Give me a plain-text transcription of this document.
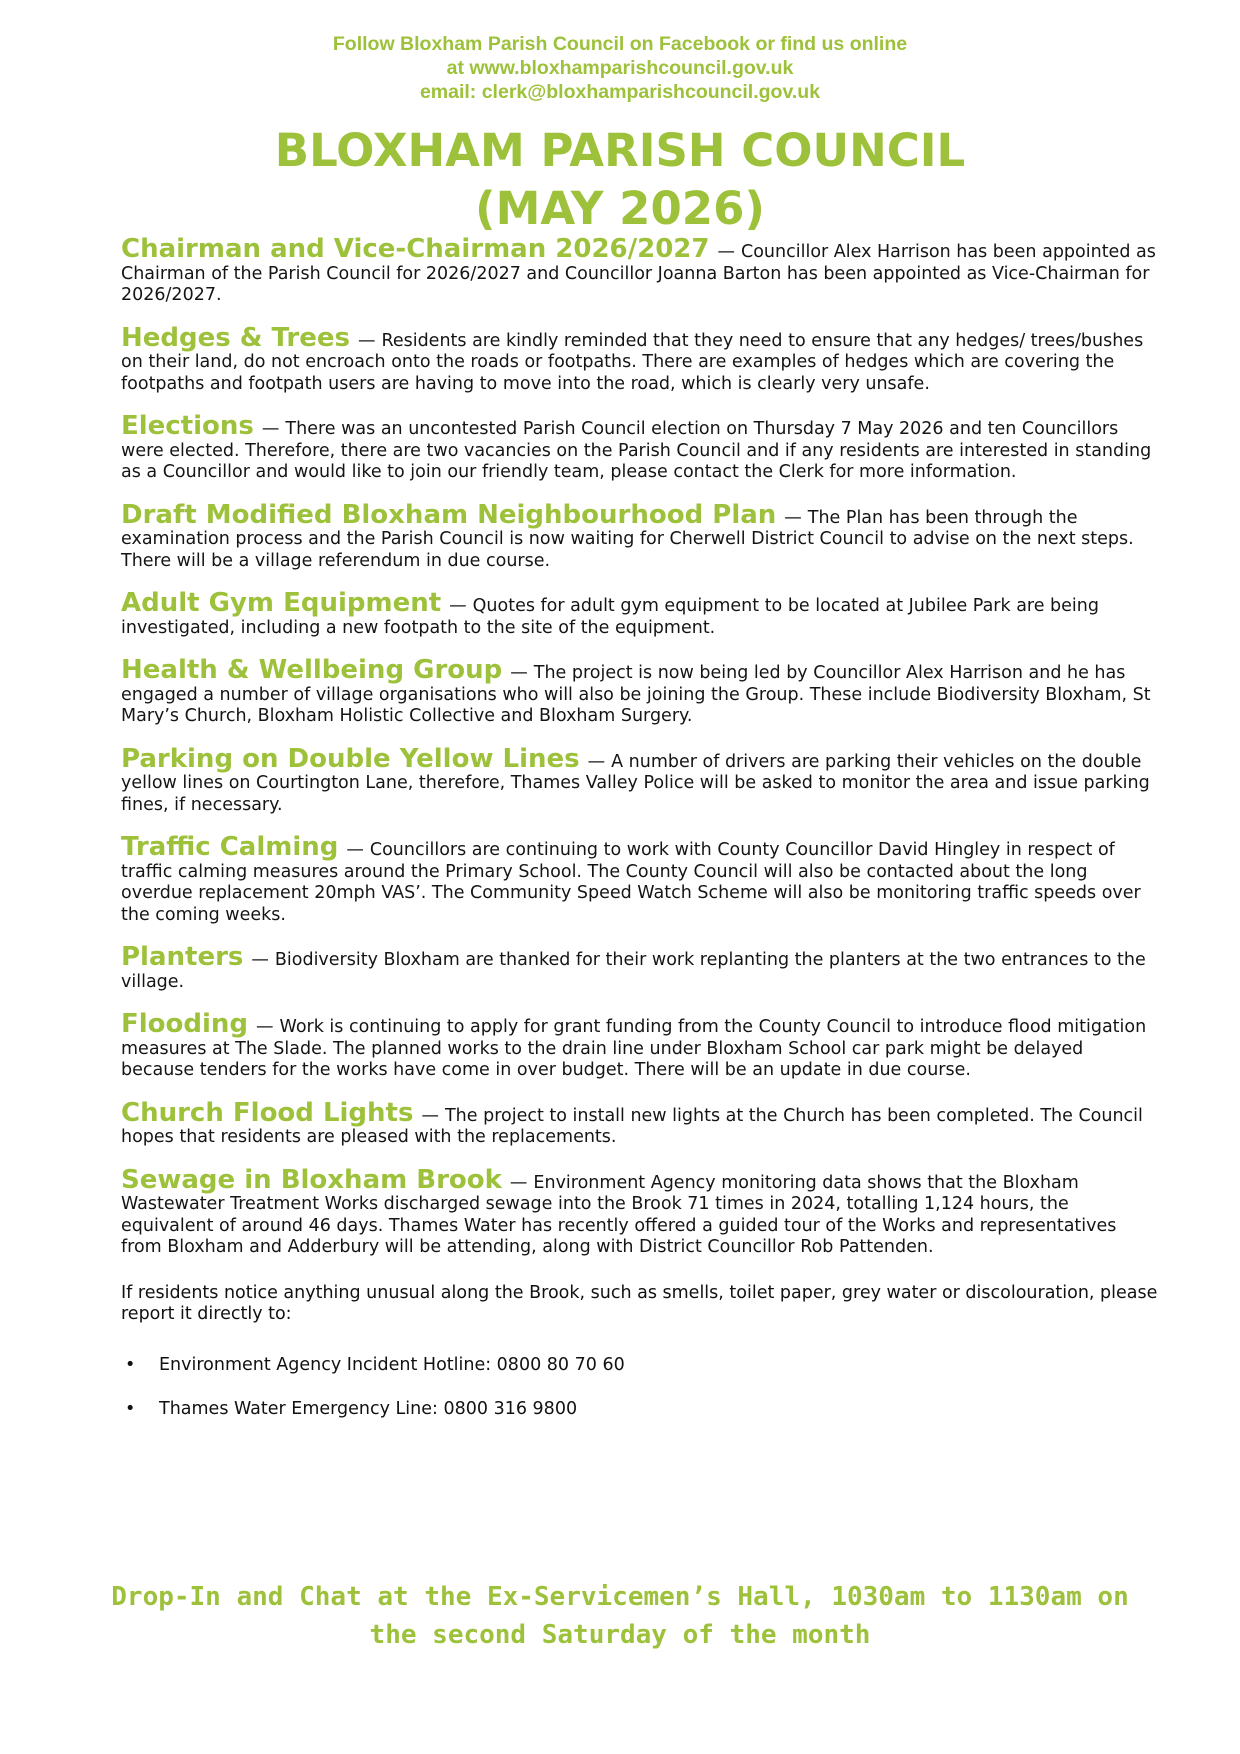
Follow Bloxham Parish Council on Facebook or find us online
at www.bloxhamparishcouncil.gov.uk
email: clerk@bloxhamparishcouncil.gov.uk
BLOXHAM PARISH COUNCIL
(MAY 2026)

Chairman and Vice-Chairman 2026/2027 — Councillor Alex Harrison has been appointed as Chairman of the Parish Council for 2026/2027 and Councillor Joanna Barton has been appointed as Vice-Chairman for 2026/2027.

Hedges & Trees — Residents are kindly reminded that they need to ensure that any hedges/ trees/bushes on their land, do not encroach onto the roads or footpaths. There are examples of hedges which are covering the footpaths and footpath users are having to move into the road, which is clearly very unsafe.

Elections — There was an uncontested Parish Council election on Thursday 7 May 2026 and ten Councillors were elected. Therefore, there are two vacancies on the Parish Council and if any residents are interested in standing as a Councillor and would like to join our friendly team, please contact the Clerk for more information.

Draft Modified Bloxham Neighbourhood Plan — The Plan has been through the examination process and the Parish Council is now waiting for Cherwell District Council to advise on the next steps. There will be a village referendum in due course.

Adult Gym Equipment — Quotes for adult gym equipment to be located at Jubilee Park are being investigated, including a new footpath to the site of the equipment.

Health & Wellbeing Group — The project is now being led by Councillor Alex Harrison and he has engaged a number of village organisations who will also be joining the Group. These include Biodiversity Bloxham, St Mary’s Church, Bloxham Holistic Collective and Bloxham Surgery.

Parking on Double Yellow Lines — A number of drivers are parking their vehicles on the double yellow lines on Courtington Lane, therefore, Thames Valley Police will be asked to monitor the area and issue parking fines, if necessary.

Traffic Calming — Councillors are continuing to work with County Councillor David Hingley in respect of traffic calming measures around the Primary School. The County Council will also be contacted about the long overdue replacement 20mph VAS’. The Community Speed Watch Scheme will also be monitoring traffic speeds over the coming weeks.

Planters — Biodiversity Bloxham are thanked for their work replanting the planters at the two entrances to the village.

Flooding — Work is continuing to apply for grant funding from the County Council to introduce flood mitigation measures at The Slade. The planned works to the drain line under Bloxham School car park might be delayed because tenders for the works have come in over budget. There will be an update in due course.

Church Flood Lights — The project to install new lights at the Church has been completed. The Council hopes that residents are pleased with the replacements.

Sewage in Bloxham Brook — Environment Agency monitoring data shows that the Bloxham Wastewater Treatment Works discharged sewage into the Brook 71 times in 2024, totalling 1,124 hours, the equivalent of around 46 days. Thames Water has recently offered a guided tour of the Works and representatives from Bloxham and Adderbury will be attending, along with District Councillor Rob Pattenden.

If residents notice anything unusual along the Brook, such as smells, toilet paper, grey water or discolouration, please report it directly to:

• Environment Agency Incident Hotline: 0800 80 70 60
• Thames Water Emergency Line: 0800 316 9800
Drop-In and Chat at the Ex-Servicemen’s Hall, 1030am to 1130am on
the second Saturday of the month
